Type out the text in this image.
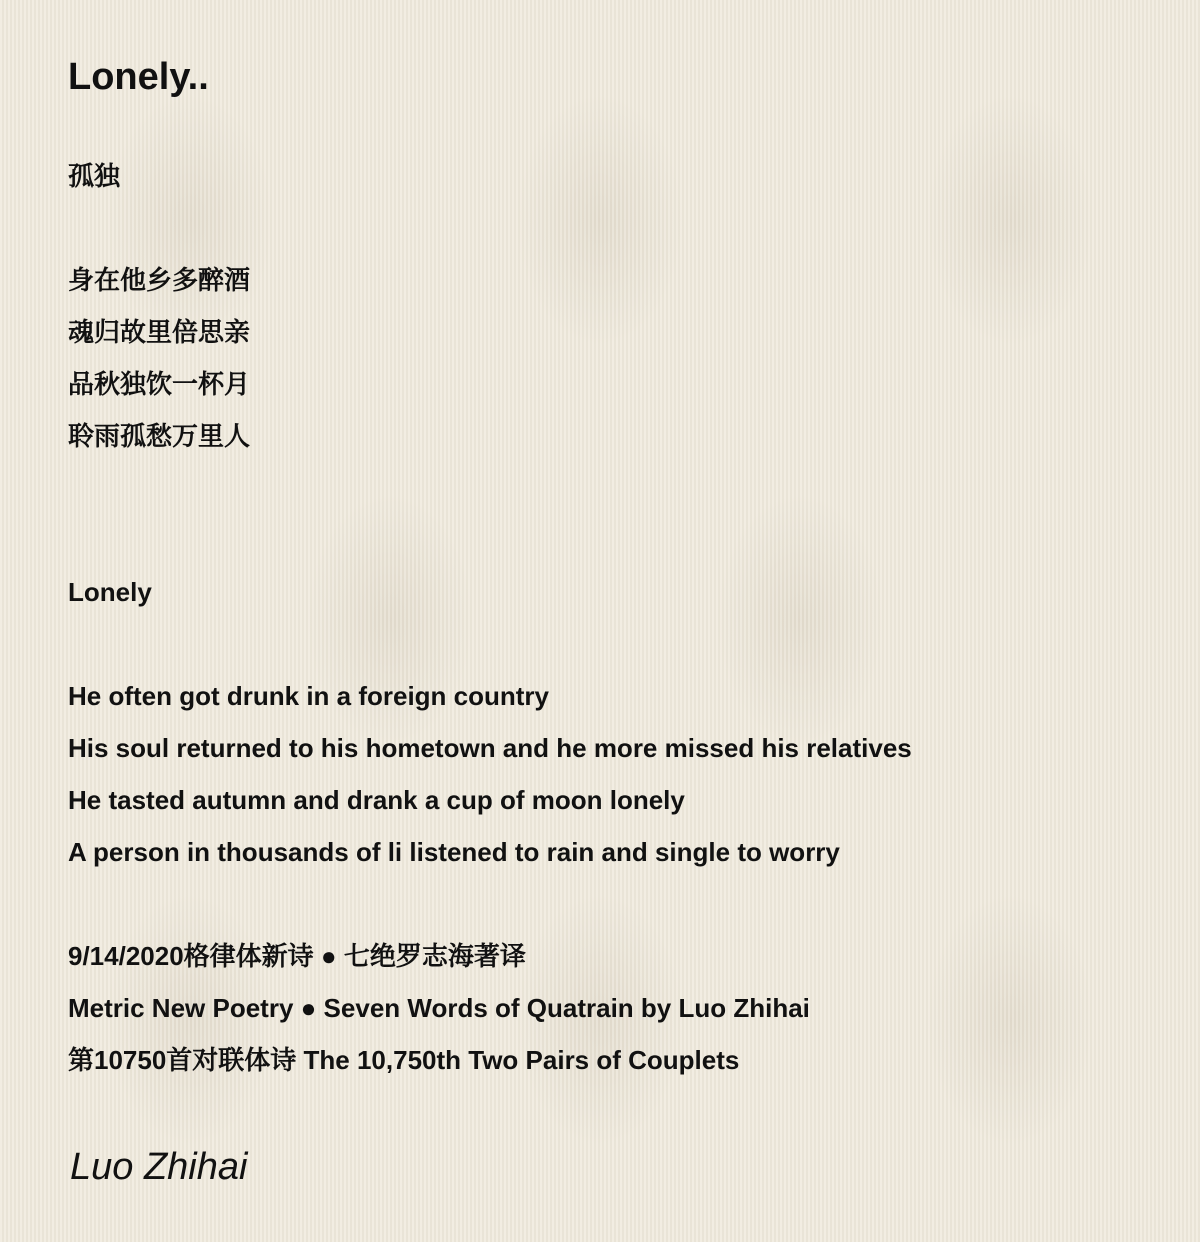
Lonely..
孤独
身在他乡多醉酒
魂归故里倍思亲
品秋独饮一杯月
聆雨孤愁万里人
Lonely
He often got drunk in a foreign country
His soul returned to his hometown and he more missed his relatives
He tasted autumn and drank a cup of moon lonely
A person in thousands of li listened to rain and single to worry
9/14/2020格律体新诗 ● 七绝罗志海著译
Metric New Poetry ● Seven Words of Quatrain by Luo Zhihai
第10750首对联体诗 The 10,750th Two Pairs of Couplets

Luo Zhihai
